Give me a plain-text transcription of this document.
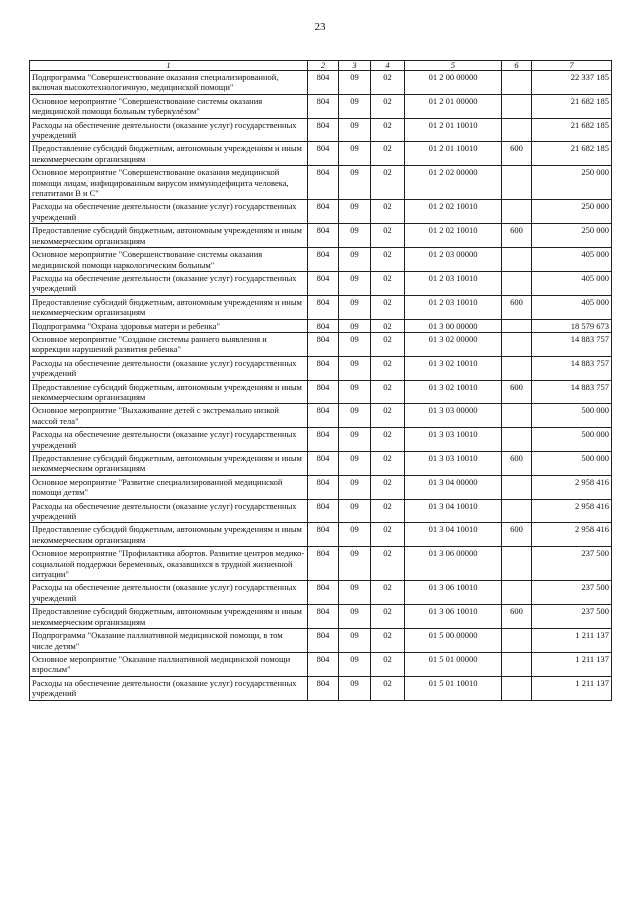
23
1	2	3	4	5	6	7
Подпрограмма "Совершенствование оказания специализированной, включая высокотехнологичную, медицинской помощи"	804	09	02	01 2 00 00000		22 337 185
Основное мероприятие "Совершенствование системы оказания медицинской помощи больным туберкулёзом"	804	09	02	01 2 01 00000		21 682 185
Расходы на обеспечение деятельности (оказание услуг) государственных учреждений	804	09	02	01 2 01 10010		21 682 185
Предоставление субсидий бюджетным, автономным учреждениям и иным некоммерческим организациям	804	09	02	01 2 01 10010	600	21 682 185
Основное мероприятие "Совершенствование оказания медицинской помощи лицам, инфицированным вирусом иммунодефицита человека, гепатитами В и С"	804	09	02	01 2 02 00000		250 000
Расходы на обеспечение деятельности (оказание услуг) государственных учреждений	804	09	02	01 2 02 10010		250 000
Предоставление субсидий бюджетным, автономным учреждениям и иным некоммерческим организациям	804	09	02	01 2 02 10010	600	250 000
Основное мероприятие "Совершенствование системы оказания медицинской помощи наркологическим больным"	804	09	02	01 2 03 00000		405 000
Расходы на обеспечение деятельности (оказание услуг) государственных учреждений	804	09	02	01 2 03 10010		405 000
Предоставление субсидий бюджетным, автономным учреждениям и иным некоммерческим организациям	804	09	02	01 2 03 10010	600	405 000
Подпрограмма "Охрана здоровья матери и ребенка"	804	09	02	01 3 00 00000		18 579 673
Основное мероприятие "Создание системы раннего выявления и коррекции нарушений развития ребенка"	804	09	02	01 3 02 00000		14 883 757
Расходы на обеспечение деятельности (оказание услуг) государственных учреждений	804	09	02	01 3 02 10010		14 883 757
Предоставление субсидий бюджетным, автономным учреждениям и иным некоммерческим организациям	804	09	02	01 3 02 10010	600	14 883 757
Основное мероприятие "Выхаживание детей с экстремально низкой массой тела"	804	09	02	01 3 03 00000		500 000
Расходы на обеспечение деятельности (оказание услуг) государственных учреждений	804	09	02	01 3 03 10010		500 000
Предоставление субсидий бюджетным, автономным учреждениям и иным некоммерческим организациям	804	09	02	01 3 03 10010	600	500 000
Основное мероприятие "Развитие специализированной медицинской помощи детям"	804	09	02	01 3 04 00000		2 958 416
Расходы на обеспечение деятельности (оказание услуг) государственных учреждений	804	09	02	01 3 04 10010		2 958 416
Предоставление субсидий бюджетным, автономным учреждениям и иным некоммерческим организациям	804	09	02	01 3 04 10010	600	2 958 416
Основное мероприятие "Профилактика абортов. Развитие центров медико-социальной поддержки беременных, оказавшихся в трудной жизненной ситуации"	804	09	02	01 3 06 00000		237 500
Расходы на обеспечение деятельности (оказание услуг) государственных учреждений	804	09	02	01 3 06 10010		237 500
Предоставление субсидий бюджетным, автономным учреждениям и иным некоммерческим организациям	804	09	02	01 3 06 10010	600	237 500
Подпрограмма "Оказание паллиативной медицинской помощи, в том числе детям"	804	09	02	01 5 00 00000		1 211 137
Основное мероприятие "Оказание паллиативной медицинской помощи взрослым"	804	09	02	01 5 01 00000		1 211 137
Расходы на обеспечение деятельности (оказание услуг) государственных учреждений	804	09	02	01 5 01 10010		1 211 137
